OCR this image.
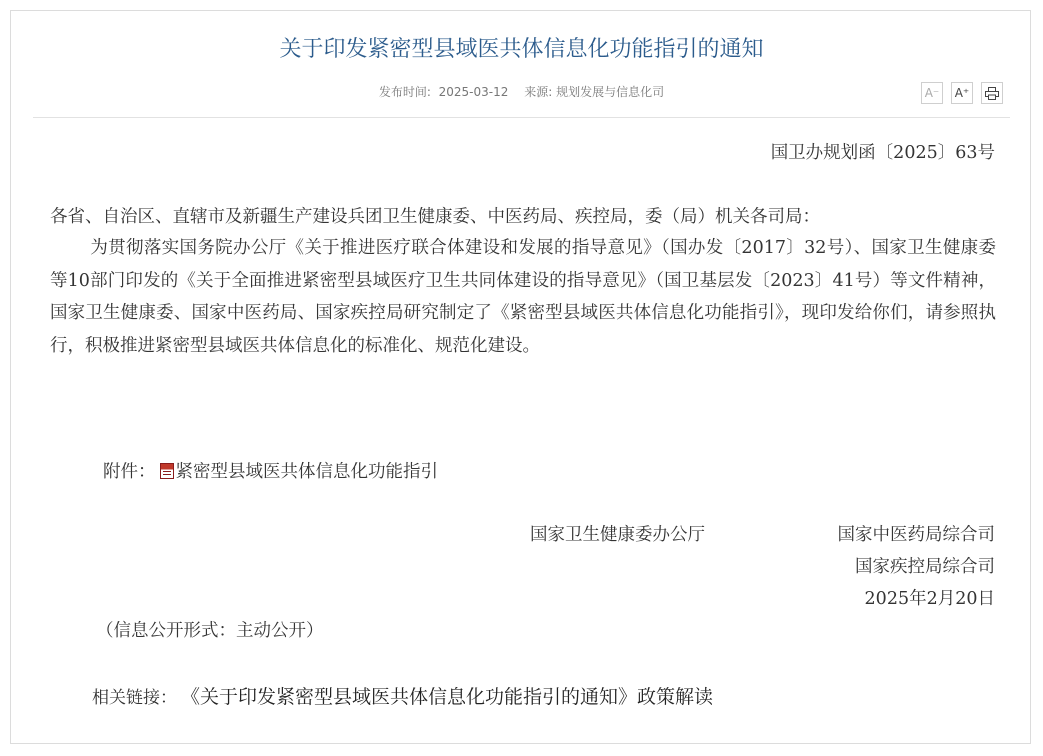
关于印发紧密型县域医共体信息化功能指引的通知
发布时间: 2025-03-12 来源: 规划发展与信息化司	A⁻	A⁺
国卫办规划函〔2025〕63号
各省、自治区、直辖市及新疆生产建设兵团卫生健康委、中医药局、疾控局，委（局）机关各司局：
为贯彻落实国务院办公厅《关于推进医疗联合体建设和发展的指导意见》（国办发〔2017〕32号）、国家卫生健康委等10部门印发的《关于全面推进紧密型县域医疗卫生共同体建设的指导意见》（国卫基层发〔2023〕41号）等文件精神，国家卫生健康委、国家中医药局、国家疾控局研究制定了《紧密型县域医共体信息化功能指引》，现印发给你们，请参照执行，积极推进紧密型县域医共体信息化的标准化、规范化建设。
附件： 紧密型县域医共体信息化功能指引
国家卫生健康委办公厅	国家中医药局综合司
国家疾控局综合司
2025年2月20日
（信息公开形式：主动公开）
相关链接： 《关于印发紧密型县域医共体信息化功能指引的通知》政策解读
